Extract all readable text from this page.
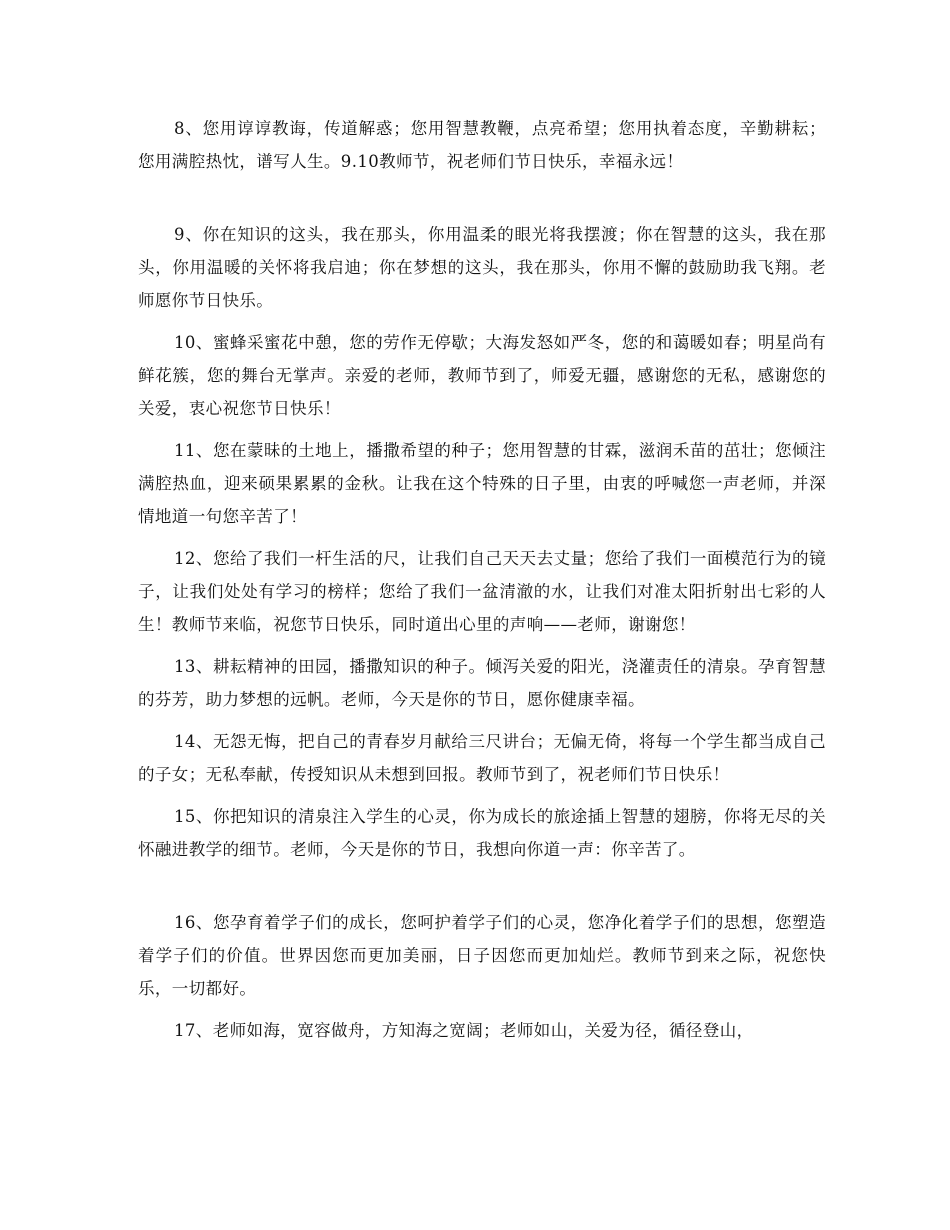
8、您用谆谆教诲，传道解惑；您用智慧教鞭，点亮希望；您用执着态度，辛勤耕耘；您用满腔热忱，谱写人生。9.10教师节，祝老师们节日快乐，幸福永远！

9、你在知识的这头，我在那头，你用温柔的眼光将我摆渡；你在智慧的这头，我在那头，你用温暖的关怀将我启迪；你在梦想的这头，我在那头，你用不懈的鼓励助我飞翔。老师愿你节日快乐。

10、蜜蜂采蜜花中憩，您的劳作无停歇；大海发怒如严冬，您的和蔼暖如春；明星尚有鲜花簇，您的舞台无掌声。亲爱的老师，教师节到了，师爱无疆，感谢您的无私，感谢您的关爱，衷心祝您节日快乐！

11、您在蒙昧的土地上，播撒希望的种子；您用智慧的甘霖，滋润禾苗的茁壮；您倾注满腔热血，迎来硕果累累的金秋。让我在这个特殊的日子里，由衷的呼喊您一声老师，并深情地道一句您辛苦了！

12、您给了我们一杆生活的尺，让我们自己天天去丈量；您给了我们一面模范行为的镜子，让我们处处有学习的榜样；您给了我们一盆清澈的水，让我们对准太阳折射出七彩的人生！教师节来临，祝您节日快乐，同时道出心里的声响——老师，谢谢您！

13、耕耘精神的田园，播撒知识的种子。倾泻关爱的阳光，浇灌责任的清泉。孕育智慧的芬芳，助力梦想的远帆。老师，今天是你的节日，愿你健康幸福。

14、无怨无悔，把自己的青春岁月献给三尺讲台；无偏无倚，将每一个学生都当成自己的子女；无私奉献，传授知识从未想到回报。教师节到了，祝老师们节日快乐！

15、你把知识的清泉注入学生的心灵，你为成长的旅途插上智慧的翅膀，你将无尽的关怀融进教学的细节。老师，今天是你的节日，我想向你道一声：你辛苦了。

16、您孕育着学子们的成长，您呵护着学子们的心灵，您净化着学子们的思想，您塑造着学子们的价值。世界因您而更加美丽，日子因您而更加灿烂。教师节到来之际，祝您快乐，一切都好。

17、老师如海，宽容做舟，方知海之宽阔；老师如山，关爱为径，循径登山，
